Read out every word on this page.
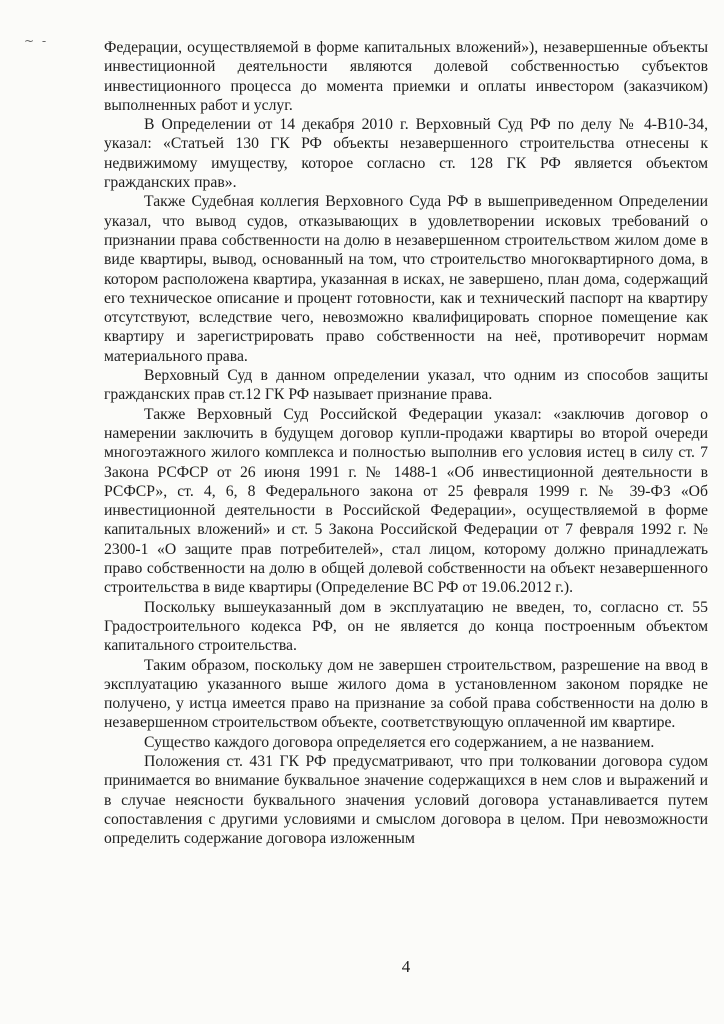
~ -	Федерации, осуществляемой в форме капитальных вложений»), незавершенные объекты инвестиционной деятельности являются долевой собственностью субъектов инвестиционного процесса до момента приемки и оплаты инвестором (заказчиком) выполненных работ и услуг.

В Определении от 14 декабря 2010 г. Верховный Суд РФ по делу № 4-В10-34, указал: «Статьей 130 ГК РФ объекты незавершенного строительства отнесены к недвижимому имуществу, которое согласно ст. 128 ГК РФ является объектом гражданских прав».

Также Судебная коллегия Верховного Суда РФ в вышеприведенном Определении указал, что вывод судов, отказывающих в удовлетворении исковых требований о признании права собственности на долю в незавершенном строительством жилом доме в виде квартиры, вывод, основанный на том, что строительство многоквартирного дома, в котором расположена квартира, указанная в исках, не завершено, план дома, содержащий его техническое описание и процент готовности, как и технический паспорт на квартиру отсутствуют, вследствие чего, невозможно квалифицировать спорное помещение как квартиру и зарегистрировать право собственности на неё, противоречит нормам материального права.

Верховный Суд в данном определении указал, что одним из способов защиты гражданских прав ст.12 ГК РФ называет признание права.

Также Верховный Суд Российской Федерации указал: «заключив договор о намерении заключить в будущем договор купли-продажи квартиры во второй очереди многоэтажного жилого комплекса и полностью выполнив его условия истец в силу ст. 7 Закона РСФСР от 26 июня 1991 г. № 1488-1 «Об инвестиционной деятельности в РСФСР», ст. 4, 6, 8 Федерального закона от 25 февраля 1999 г. № 39-ФЗ «Об инвестиционной деятельности в Российской Федерации», осуществляемой в форме капитальных вложений» и ст. 5 Закона Российской Федерации от 7 февраля 1992 г. № 2300-1 «О защите прав потребителей», стал лицом, которому должно принадлежать право собственности на долю в общей долевой собственности на объект незавершенного строительства в виде квартиры (Определение ВС РФ от 19.06.2012 г.).

Поскольку вышеуказанный дом в эксплуатацию не введен, то, согласно ст. 55 Градостроительного кодекса РФ, он не является до конца построенным объектом капитального строительства.

Таким образом, поскольку дом не завершен строительством, разрешение на ввод в эксплуатацию указанного выше жилого дома в установленном законом порядке не получено, у истца имеется право на признание за собой права собственности на долю в незавершенном строительством объекте, соответствующую оплаченной им квартире.

Существо каждого договора определяется его содержанием, а не названием.

Положения ст. 431 ГК РФ предусматривают, что при толковании договора судом принимается во внимание буквальное значение содержащихся в нем слов и выражений и в случае неясности буквального значения условий договора устанавливается путем сопоставления с другими условиями и смыслом договора в целом. При невозможности определить содержание договора изложенным

4
